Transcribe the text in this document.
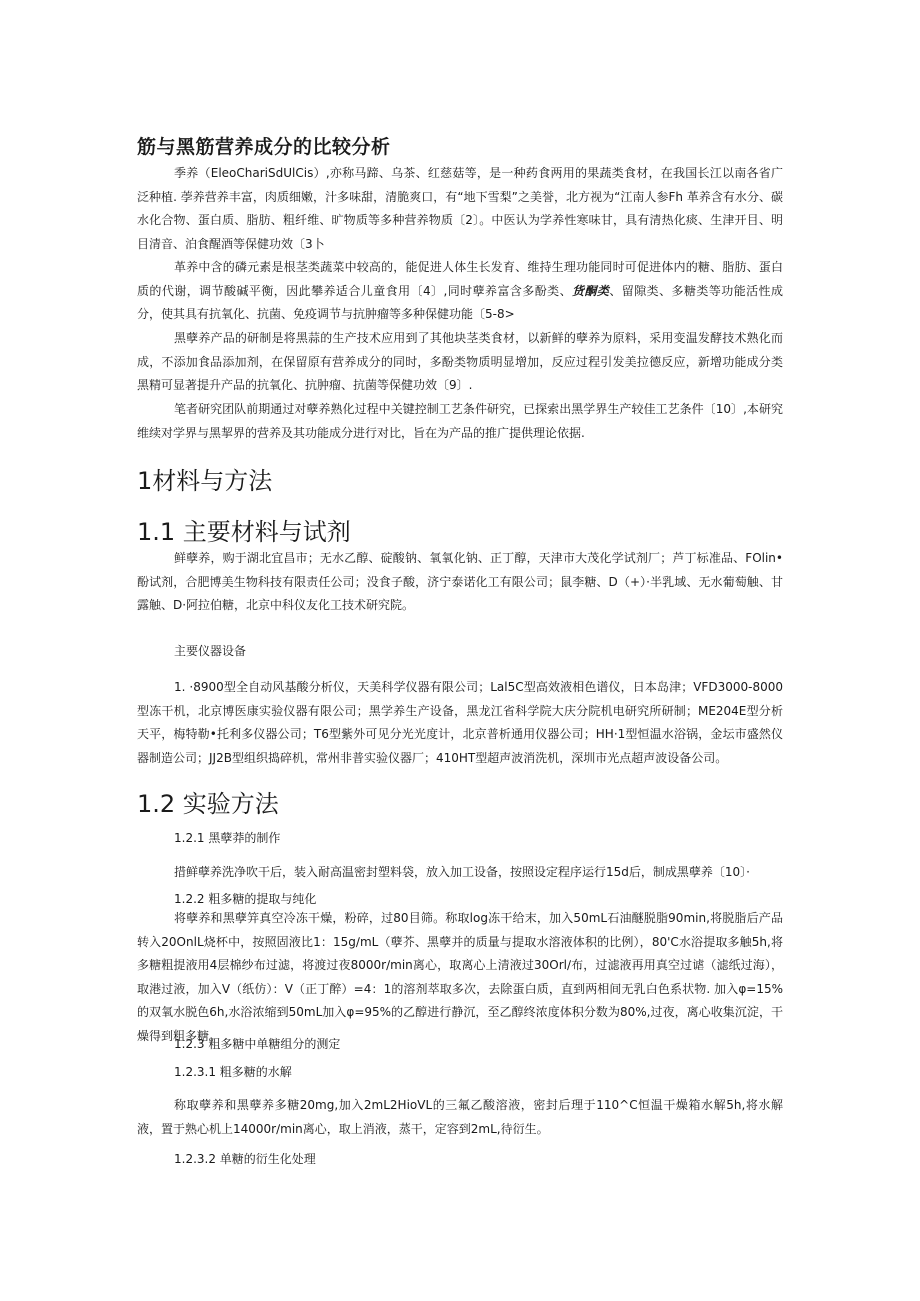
筋与黑筋营养成分的比较分析

季养（EleoChariSdUlCis）,亦称马蹄、乌茶、红慈菇等，是一种药食两用的果蔬类食材，在我国长江以南各省广泛种植. 荸养营养丰富，肉质细嫩，汁多味甜，清脆爽口，有“地下雪梨”之美誉，北方视为“江南人参Fh 革养含有水分、碳水化合物、蛋白质、脂肪、粗纤维、旷物质等多种营养物质〔2〕。中医认为学养性寒味甘，具有清热化痰、生津开目、明目清音、泊食醒酒等保健功效〔3卜

革养中含的磷元素是根茎类蔬菜中较高的，能促进人体生长发育、维持生理功能同时可促进体内的糖、脂肪、蛋白质的代谢，调节酸碱平衡，因此攀养适合儿童食用〔4〕,同时孽养富含多酚类、货酮类、留隙类、多糖类等功能活性成分，使其具有抗氧化、抗菌、免疫调节与抗肿瘤等多种保健功能〔5-8>

黑孽养产品的研制是将黑蒜的生产技术应用到了其他块茎类食材，以新鲜的孽养为原料，采用变温发酵技术熟化而成，不添加食品添加剂，在保留原有营养成分的同时，多酚类物质明显增加，反应过程引发美拉德反应，新增功能成分类黑精可显著提升产品的抗氧化、抗肿瘤、抗菌等保健功效〔9〕.

笔者研究团队前期通过对孽养熟化过程中关键控制工艺条件研究，已探索出黑学界生产较佳工艺条件〔10〕,本研究维续对学界与黑挈界的营养及其功能成分进行对比，旨在为产品的推广提供理论依据.

1材料与方法
1.1 主要材料与试剂

鲜孽养，购于湖北宜昌市；无水乙醇、碇酸钠、氧氧化钠、正丁醇，天津市大茂化学试剂厂；芦丁标准品、FOlin•酚试剂，合肥博美生物科技有限责任公司；没食子酸，济宁泰诺化工有限公司；鼠李糖、D（+）·半乳域、无水葡萄触、甘露触、D·阿拉伯糖，北京中科仪友化工技术研究院。

主要仪器设备

1. ·8900型全自动风基酸分析仪，天美科学仪器有限公司；Lal5C型高效液相色谱仪，日本岛津；VFD3000-8000型冻干机，北京博医康实验仪器有限公司；黑学养生产设备，黑龙江省科学院大庆分院机电研究所研制；ME204E型分析天平，梅特勒•托利多仪器公司；T6型紫外可见分光光度计，北京普析通用仪器公司；HH·1型恒温水浴锅，金坛市盛然仪器制造公司；JJ2B型组织捣碎机，常州非普实验仪器厂；410HT型超声波消洗机，深圳市光点超声波设备公司。

1.2 实验方法
1.2.1 黑孽莽的制作

措鲜孽养洗净吹干后，装入耐高温密封塑料袋，放入加工设备，按照设定程序运行15d后，制成黑孽养〔10〕·

1.2.2 粗多糖的提取与纯化

将孽养和黑孽笄真空冷冻干燥，粉碎，过80目筛。称取log冻干给末，加入50mL石油醚脱脂90min,将脱脂后产品转入20OnlL烧杯中，按照固液比1：15g∕mL（孽芥、黑孽并的质量与提取水溶液体积的比例），80'C水浴提取多触5h,将多糖粗提液用4层棉纱布过滤，将渡过夜8000r∕min离心，取离心上清液过30Orl∕布，过滤液再用真空过谑（滤纸过海），取港过液，加入V（纸仿）：V（正丁醉）=4：1的溶剂萃取多次，去除蛋白质，直到两相间无乳白色系状物. 加入φ=15%的双氧水脱色6h,水浴浓缩到50mL加入φ=95%的乙醇进行静沉，至乙醇终浓度体积分数为80%,过夜，离心收集沉淀，干燥得到粗多糖。

1.2.3 粗多糖中单糖组分的测定
1.2.3.1 粗多糖的水解

称取孽养和黑孽养多糖20mg,加入2mL2HioVL的三氟乙酸溶液，密封后理于110^C恒温干燥箱水解5h,将水解液，置于熟心机上14000r∕min离心，取上消液，蒸干，定容到2mL,待衍生。

1.2.3.2 单糖的衍生化处理
